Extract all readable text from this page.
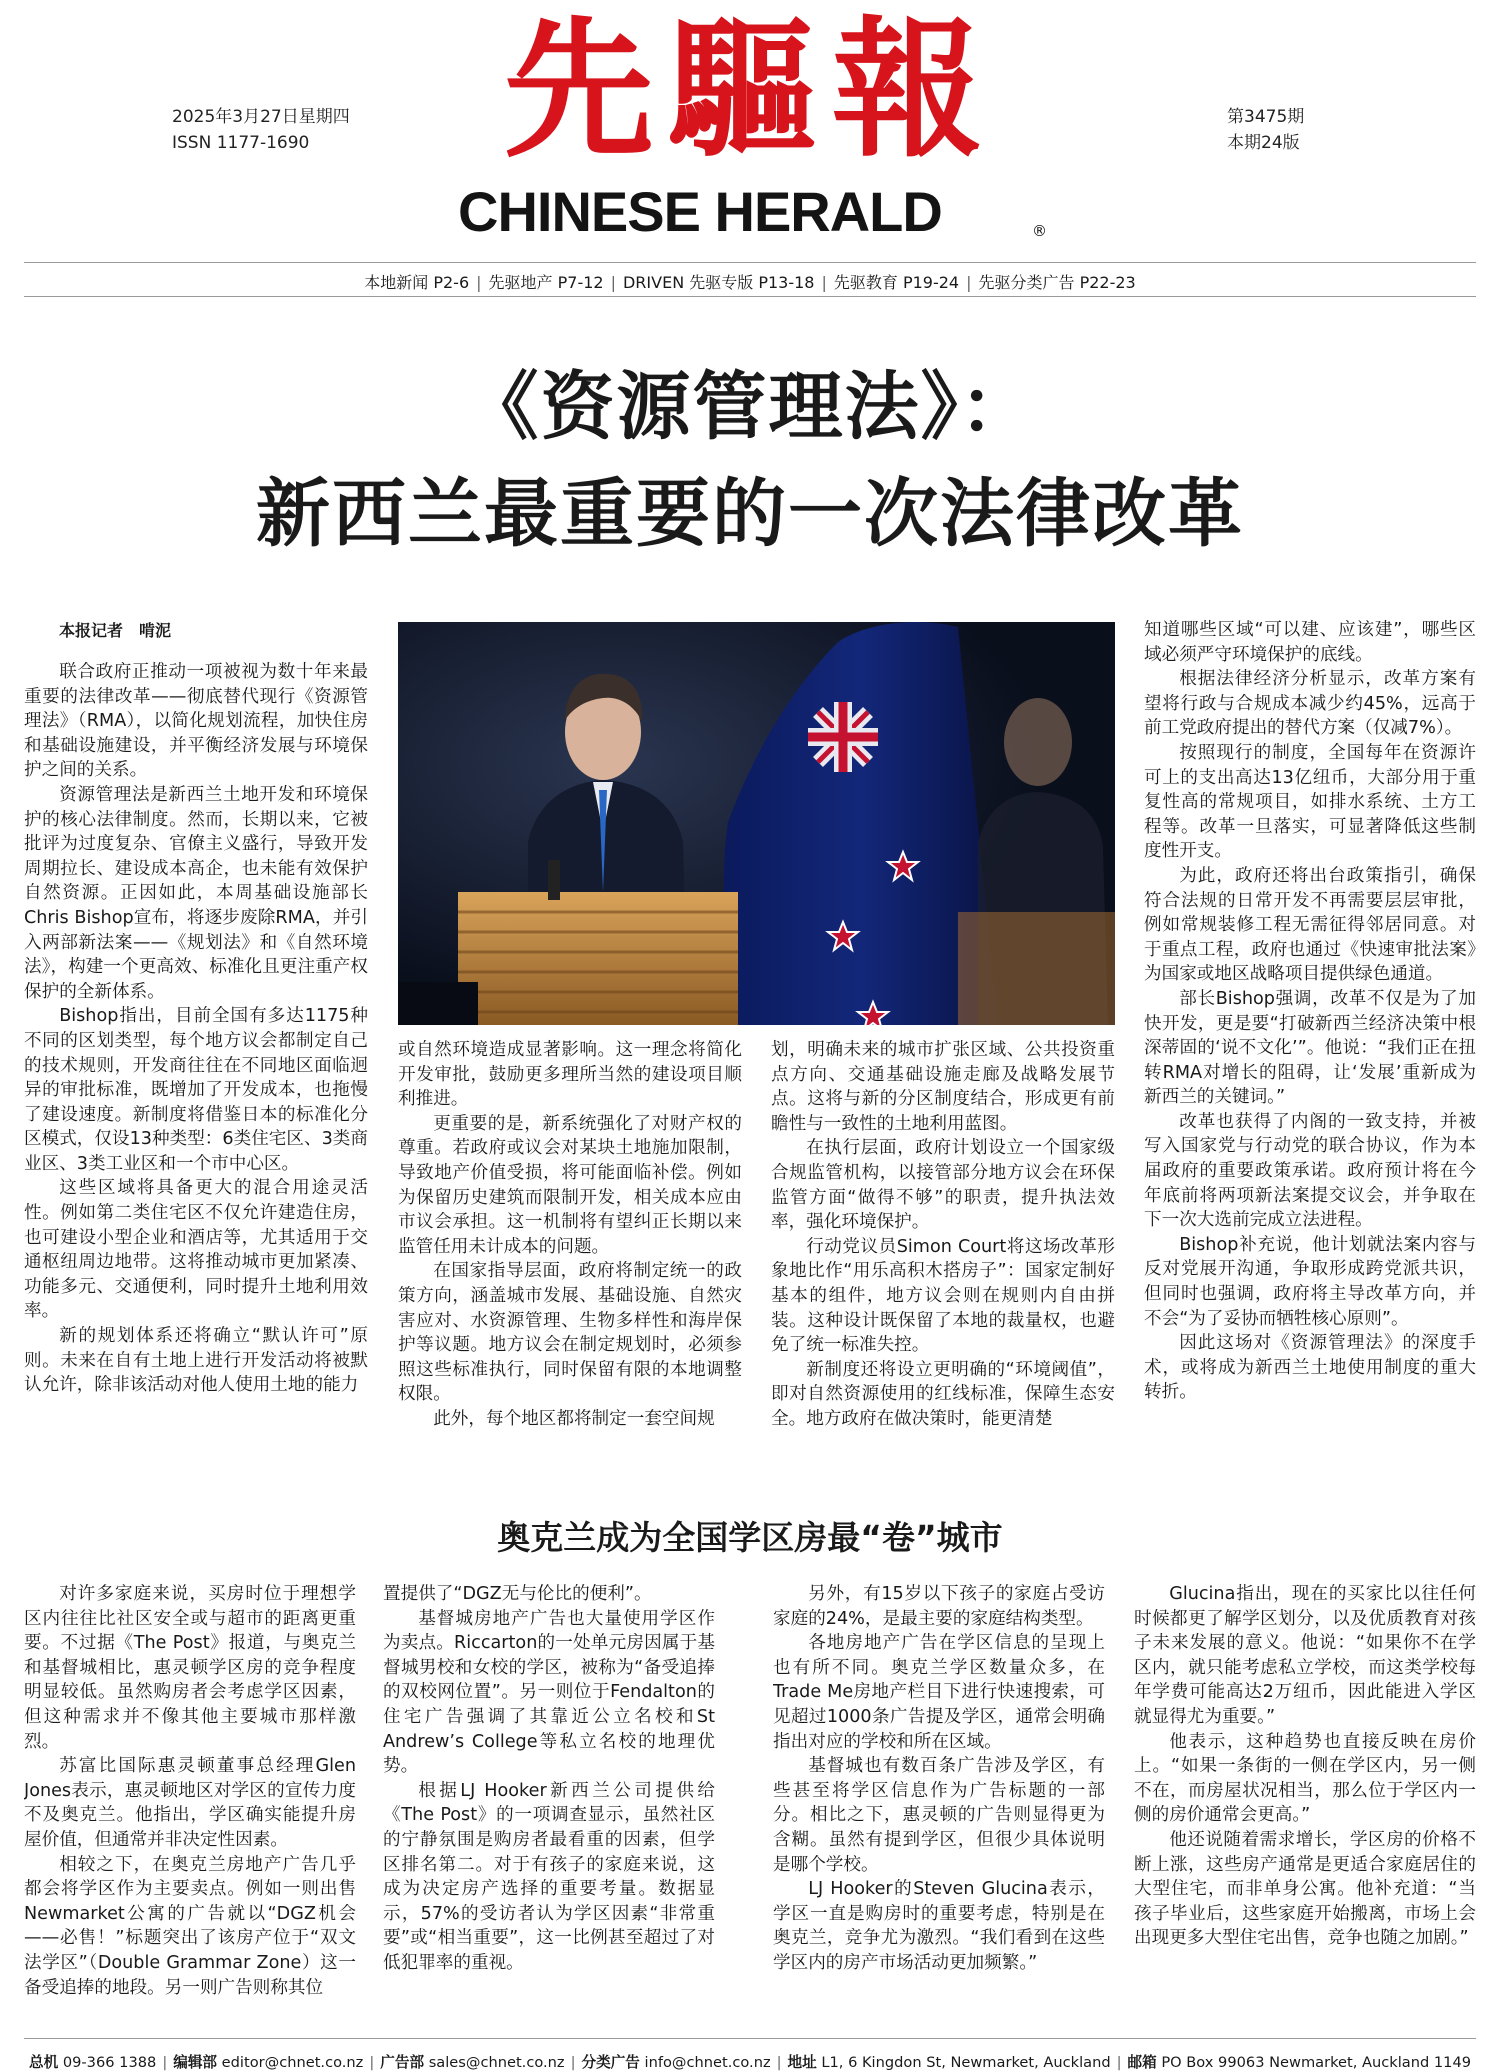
2025年3月27日星期四
ISSN 1177-1690	先驅報
CHINESE HERALD	®
第3475期
本期24版
本地新闻 P2-6 | 先驱地产 P7-12 | DRIVEN 先驱专版 P13-18 | 先驱教育 P19-24 | 先驱分类广告 P22-23
《资源管理法》：
新西兰最重要的一次法律改革
本报记者　啃泥

联合政府正推动一项被视为数十年来最重要的法律改革——彻底替代现行《资源管理法》（RMA），以简化规划流程，加快住房和基础设施建设，并平衡经济发展与环境保护之间的关系。

资源管理法是新西兰土地开发和环境保护的核心法律制度。然而，长期以来，它被批评为过度复杂、官僚主义盛行，导致开发周期拉长、建设成本高企，也未能有效保护自然资源。正因如此，本周基础设施部长Chris Bishop宣布，将逐步废除RMA，并引入两部新法案——《规划法》和《自然环境法》，构建一个更高效、标准化且更注重产权保护的全新体系。

Bishop指出，目前全国有多达1175种不同的区划类型，每个地方议会都制定自己的技术规则，开发商往往在不同地区面临迥异的审批标准，既增加了开发成本，也拖慢了建设速度。新制度将借鉴日本的标准化分区模式，仅设13种类型：6类住宅区、3类商业区、3类工业区和一个市中心区。

这些区域将具备更大的混合用途灵活性。例如第二类住宅区不仅允许建造住房，也可建设小型企业和酒店等，尤其适用于交通枢纽周边地带。这将推动城市更加紧凑、功能多元、交通便利，同时提升土地利用效率。

新的规划体系还将确立“默认许可”原则。未来在自有土地上进行开发活动将被默认允许，除非该活动对他人使用土地的能力

或自然环境造成显著影响。这一理念将简化开发审批，鼓励更多理所当然的建设项目顺利推进。

更重要的是，新系统强化了对财产权的尊重。若政府或议会对某块土地施加限制，导致地产价值受损，将可能面临补偿。例如为保留历史建筑而限制开发，相关成本应由市议会承担。这一机制将有望纠正长期以来监管任用未计成本的问题。

在国家指导层面，政府将制定统一的政策方向，涵盖城市发展、基础设施、自然灾害应对、水资源管理、生物多样性和海岸保护等议题。地方议会在制定规划时，必须参照这些标准执行，同时保留有限的本地调整权限。

此外，每个地区都将制定一套空间规

划，明确未来的城市扩张区域、公共投资重点方向、交通基础设施走廊及战略发展节点。这将与新的分区制度结合，形成更有前瞻性与一致性的土地利用蓝图。

在执行层面，政府计划设立一个国家级合规监管机构，以接管部分地方议会在环保监管方面“做得不够”的职责，提升执法效率，强化环境保护。

行动党议员Simon Court将这场改革形象地比作“用乐高积木搭房子”：国家定制好基本的组件，地方议会则在规则内自由拼装。这种设计既保留了本地的裁量权，也避免了统一标准失控。

新制度还将设立更明确的“环境阈值”，即对自然资源使用的红线标准，保障生态安全。地方政府在做决策时，能更清楚

知道哪些区域“可以建、应该建”，哪些区域必须严守环境保护的底线。

根据法律经济分析显示，改革方案有望将行政与合规成本减少约45%，远高于前工党政府提出的替代方案（仅减7%）。

按照现行的制度，全国每年在资源许可上的支出高达13亿纽币，大部分用于重复性高的常规项目，如排水系统、土方工程等。改革一旦落实，可显著降低这些制度性开支。

为此，政府还将出台政策指引，确保符合法规的日常开发不再需要层层审批，例如常规装修工程无需征得邻居同意。对于重点工程，政府也通过《快速审批法案》为国家或地区战略项目提供绿色通道。

部长Bishop强调，改革不仅是为了加快开发，更是要“打破新西兰经济决策中根深蒂固的‘说不文化’”。他说：“我们正在扭转RMA对增长的阻碍，让‘发展’重新成为新西兰的关键词。”

改革也获得了内阁的一致支持，并被写入国家党与行动党的联合协议，作为本届政府的重要政策承诺。政府预计将在今年底前将两项新法案提交议会，并争取在下一次大选前完成立法进程。

Bishop补充说，他计划就法案内容与反对党展开沟通，争取形成跨党派共识，但同时也强调，政府将主导改革方向，并不会“为了妥协而牺牲核心原则”。

因此这场对《资源管理法》的深度手术，或将成为新西兰土地使用制度的重大转折。

奥克兰成为全国学区房最“卷”城市

对许多家庭来说，买房时位于理想学区内往往比社区安全或与超市的距离更重要。不过据《The Post》报道，与奥克兰和基督城相比，惠灵顿学区房的竞争程度明显较低。虽然购房者会考虑学区因素，但这种需求并不像其他主要城市那样激烈。

苏富比国际惠灵顿董事总经理Glen Jones表示，惠灵顿地区对学区的宣传力度不及奥克兰。他指出，学区确实能提升房屋价值，但通常并非决定性因素。

相较之下，在奥克兰房地产广告几乎都会将学区作为主要卖点。例如一则出售Newmarket公寓的广告就以“DGZ机会——必售！”标题突出了该房产位于“双文法学区”（Double Grammar Zone）这一备受追捧的地段。另一则广告则称其位

置提供了“DGZ无与伦比的便利”。

基督城房地产广告也大量使用学区作为卖点。Riccarton的一处单元房因属于基督城男校和女校的学区，被称为“备受追捧的双校网位置”。另一则位于Fendalton的住宅广告强调了其靠近公立名校和St Andrew’s College等私立名校的地理优势。

根据LJ Hooker新西兰公司提供给《The Post》的一项调查显示，虽然社区的宁静氛围是购房者最看重的因素，但学区排名第二。对于有孩子的家庭来说，这成为决定房产选择的重要考量。数据显示，57%的受访者认为学区因素“非常重要”或“相当重要”，这一比例甚至超过了对低犯罪率的重视。

另外，有15岁以下孩子的家庭占受访家庭的24%，是最主要的家庭结构类型。

各地房地产广告在学区信息的呈现上也有所不同。奥克兰学区数量众多，在Trade Me房地产栏目下进行快速搜索，可见超过1000条广告提及学区，通常会明确指出对应的学校和所在区域。

基督城也有数百条广告涉及学区，有些甚至将学区信息作为广告标题的一部分。相比之下，惠灵顿的广告则显得更为含糊。虽然有提到学区，但很少具体说明是哪个学校。

LJ Hooker的Steven Glucina表示，学区一直是购房时的重要考虑，特别是在奥克兰，竞争尤为激烈。“我们看到在这些学区内的房产市场活动更加频繁。”

Glucina指出，现在的买家比以往任何时候都更了解学区划分，以及优质教育对孩子未来发展的意义。他说：“如果你不在学区内，就只能考虑私立学校，而这类学校每年学费可能高达2万纽币，因此能进入学区就显得尤为重要。”

他表示，这种趋势也直接反映在房价上。“如果一条街的一侧在学区内，另一侧不在，而房屋状况相当，那么位于学区内一侧的房价通常会更高。”

他还说随着需求增长，学区房的价格不断上涨，这些房产通常是更适合家庭居住的大型住宅，而非单身公寓。他补充道：“当孩子毕业后，这些家庭开始搬离，市场上会出现更多大型住宅出售，竞争也随之加剧。”

总机 09-366 1388 | 编辑部 editor@chnet.co.nz | 广告部 sales@chnet.co.nz | 分类广告 info@chnet.co.nz | 地址 L1, 6 Kingdon St, Newmarket, Auckland | 邮箱 PO Box 99063 Newmarket, Auckland 1149
